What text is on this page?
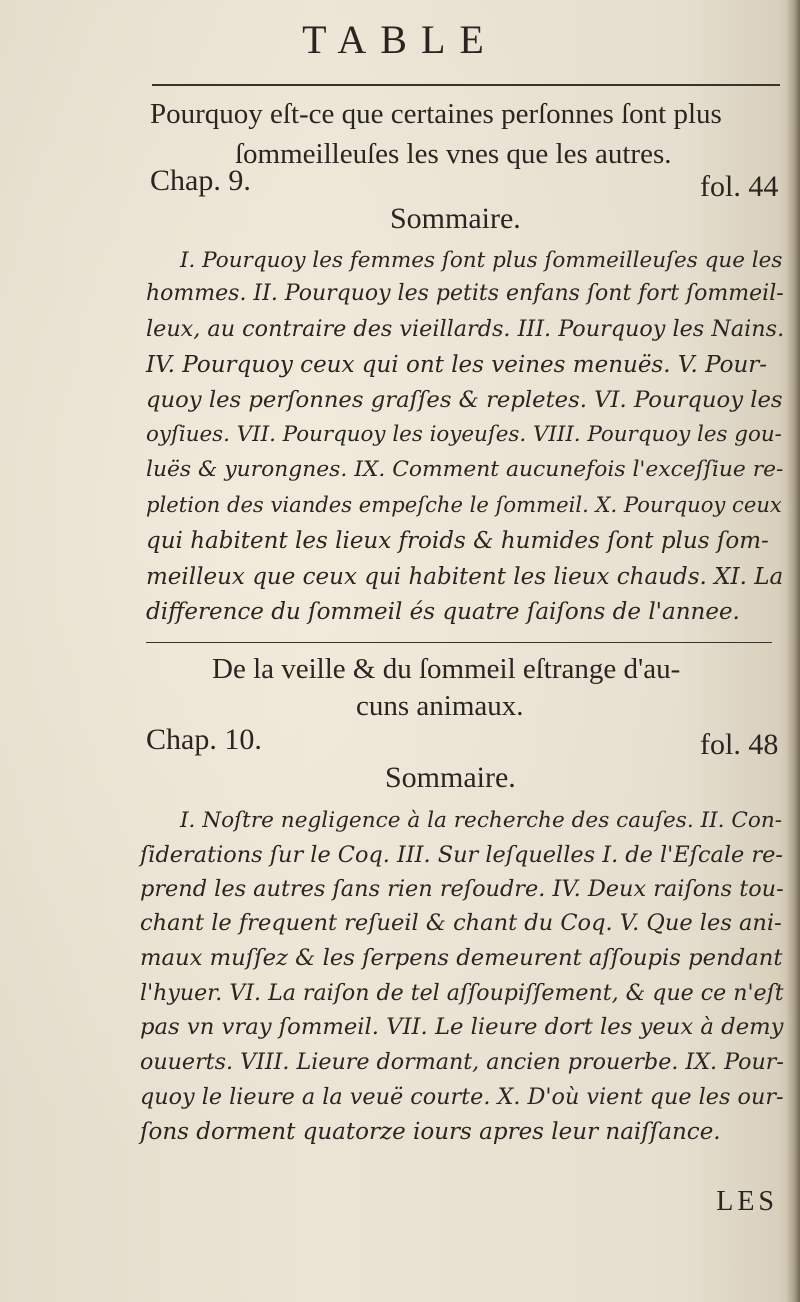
TABLE
Pourquoy eſt-ce que certaines perſonnes ſont plus
ſommeilleuſes les vnes que les autres.
Chap. 9.	fol. 44
Sommaire.
I. Pourquoy les femmes ſont plus ſommeilleuſes que les
hommes. II. Pourquoy les petits enfans ſont fort ſommeil-
leux, au contraire des vieillards. III. Pourquoy les Nains.
IV. Pourquoy ceux qui ont les veines menuës. V. Pour-
quoy les perſonnes graſſes & repletes. VI. Pourquoy les
oyſiues. VII. Pourquoy les ioyeuſes. VIII. Pourquoy les gou-
luës & yurongnes. IX. Comment aucunefois l'exceſſiue re-
pletion des viandes empeſche le ſommeil. X. Pourquoy ceux
qui habitent les lieux froids & humides ſont plus ſom-
meilleux que ceux qui habitent les lieux chauds. XI. La
difference du ſommeil és quatre ſaiſons de l'annee.
De la veille & du ſommeil eſtrange d'au-
cuns animaux.
Chap. 10.	fol. 48
Sommaire.
I. Noſtre negligence à la recherche des cauſes. II. Con-
ſiderations ſur le Coq. III. Sur leſquelles I. de l'Eſcale re-
prend les autres ſans rien reſoudre. IV. Deux raiſons tou-
chant le frequent reſueil & chant du Coq. V. Que les ani-
maux muſſez & les ſerpens demeurent aſſoupis pendant
l'hyuer. VI. La raiſon de tel aſſoupiſſement, & que ce n'eſt
pas vn vray ſommeil. VII. Le lieure dort les yeux à demy
ouuerts. VIII. Lieure dormant, ancien prouerbe. IX. Pour-
quoy le lieure a la veuë courte. X. D'où vient que les our-
ſons dorment quatorze iours apres leur naiſſance.
LES
